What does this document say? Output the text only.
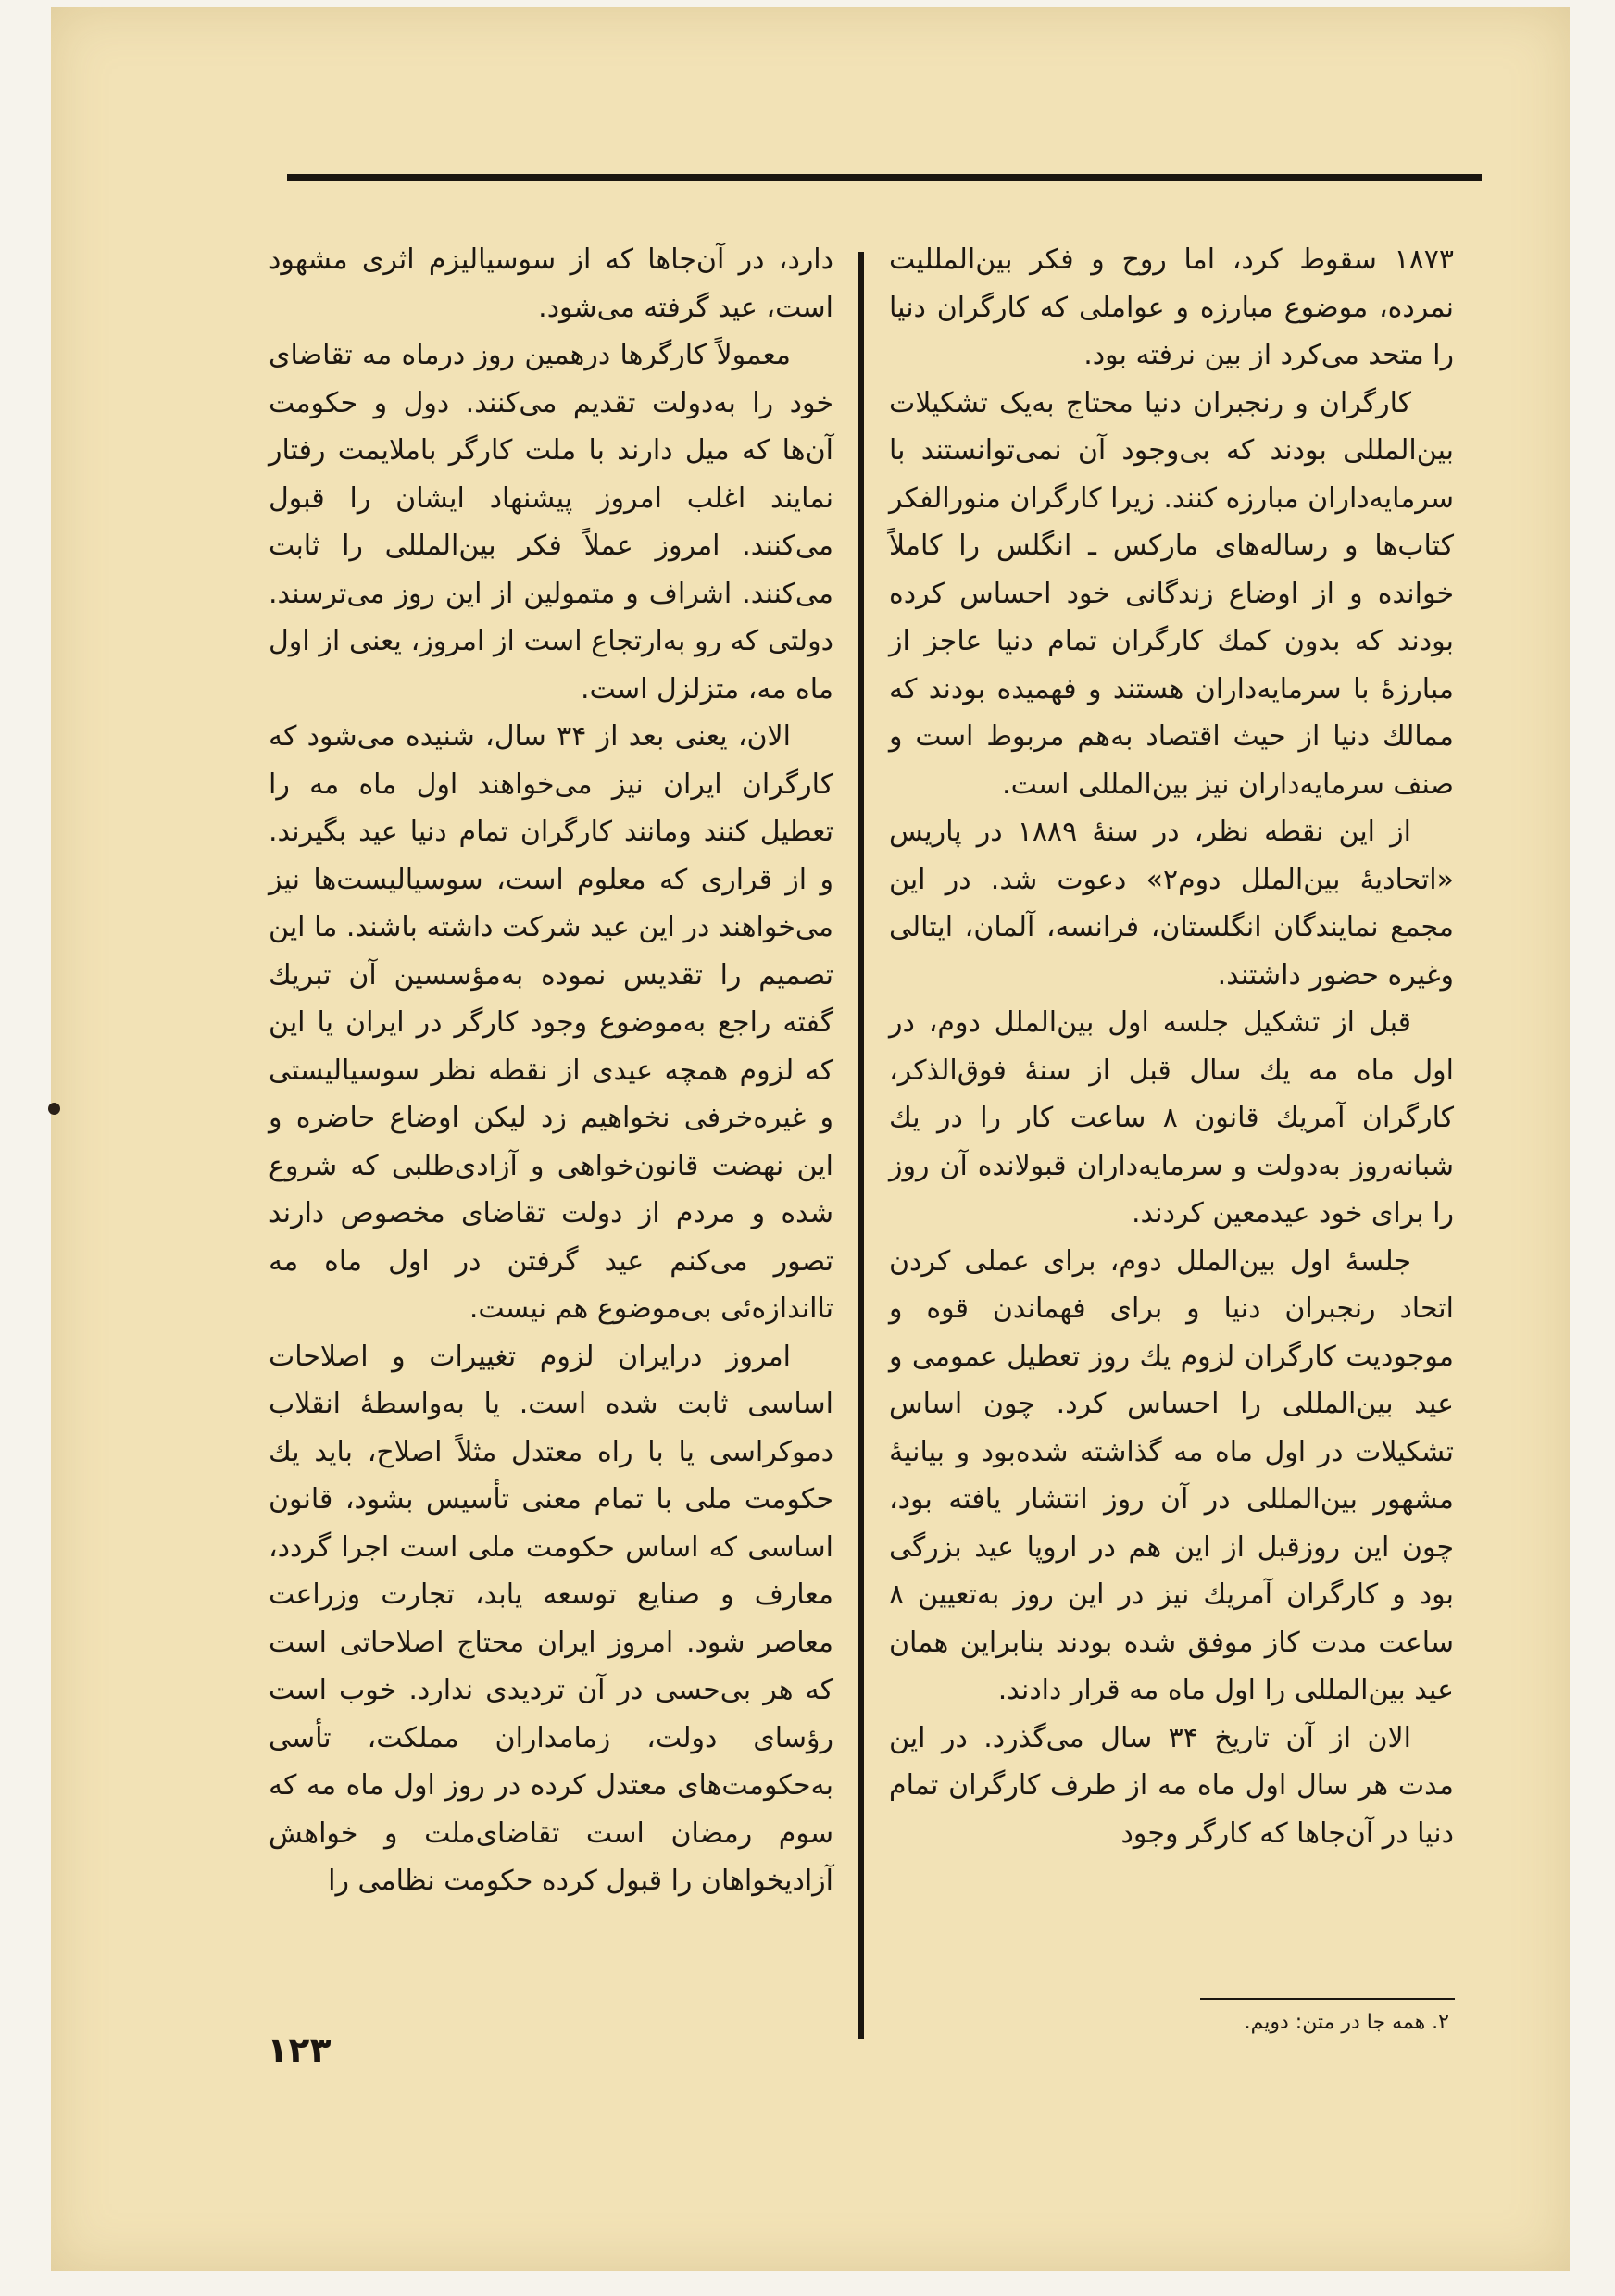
۱۸۷۳ سقوط کرد، اما روح و فکر بین‌المللیت نمرده، موضوع مبارزه و عواملی که کارگران دنیا را متحد می‌کرد از بین نرفته بود.

کارگران و رنجبران دنیا محتاج به‌یک تشکیلات بین‌المللی بودند که بی‌وجود آن نمی‌توانستند با سرمایه‌داران مبارزه کنند. زیرا کارگران منورالفکر کتاب‌ها و رساله‌های مارکس ـ انگلس را کاملاً خوانده و از اوضاع زندگانی خود احساس کرده بودند که بدون کمك کارگران تمام دنیا عاجز از مبارزهٔ با سرمایه‌داران هستند و فهمیده بودند که ممالك دنیا از حیث اقتصاد به‌هم مربوط است و صنف سرمایه‌داران نیز بین‌المللی است.

از این نقطه نظر، در سنهٔ ۱۸۸۹ در پاریس «اتحادیهٔ بین‌الملل دوم۲» دعوت شد. در این مجمع نمایندگان انگلستان، فرانسه، آلمان، ایتالی وغیره حضور داشتند.

قبل از تشکیل جلسه اول بین‌الملل دوم، در اول ماه مه یك سال قبل از سنهٔ فوق‌الذکر، کارگران آمریك قانون ۸ ساعت کار را در یك شبانه‌روز به‌دولت و سرمایه‌داران قبولانده آن روز را برای خود عیدمعین کردند.

جلسهٔ اول بین‌الملل دوم، برای عملی کردن اتحاد رنجبران دنیا و برای فهماندن قوه و موجودیت کارگران لزوم یك روز تعطیل عمومی و عید بین‌المللی را احساس کرد. چون اساس تشکیلات در اول ماه مه گذاشته شده‌بود و بیانیهٔ مشهور بین‌المللی در آن روز انتشار یافته بود، چون این روزقبل از این هم در اروپا عید بزرگی بود و کارگران آمریك نیز در این روز به‌تعیین ۸ ساعت مدت کاز موفق شده بودند بنابراین همان عید بین‌المللی را اول ماه مه قرار دادند.

الان از آن تاریخ ۳۴ سال می‌گذرد. در این مدت هر سال اول ماه مه از طرف کارگران تمام دنیا در آن‌جاها که کارگر وجود

دارد، در آن‌جاها که از سوسیالیزم اثری مشهود است، عید گرفته می‌شود.

معمولاً کارگرها درهمین روز درماه مه تقاضای خود را به‌دولت تقدیم می‌کنند. دول و حکومت آن‌ها که میل دارند با ملت کارگر باملایمت رفتار نمایند اغلب امروز پیشنهاد ایشان را قبول می‌کنند. امروز عملاً فکر بین‌المللی را ثابت می‌کنند. اشراف و متمولین از این روز می‌ترسند. دولتی که رو به‌ارتجاع است از امروز، یعنی از اول ماه مه، متزلزل است.

الان، یعنی بعد از ۳۴ سال، شنیده می‌شود که کارگران ایران نیز می‌خواهند اول ماه مه را تعطیل کنند ومانند کارگران تمام دنیا عید بگیرند. و از قراری که معلوم است، سوسیالیست‌ها نیز می‌خواهند در این عید شرکت داشته باشند. ما این تصمیم را تقدیس نموده به‌مؤسسین آن تبریك گفته راجع به‌موضوع وجود کارگر در ایران یا این که لزوم همچه عیدی از نقطه نظر سوسیالیستی و غیره‌خرفی نخواهیم زد لیکن اوضاع حاضره و این نهضت قانون‌خواهی و آزادی‌طلبی که شروع شده و مردم از دولت تقاضای مخصوص دارند تصور می‌کنم عید گرفتن در اول ماه مه تااندازه‌ئی بی‌موضوع هم نیست.

امروز درایران لزوم تغییرات و اصلاحات اساسی ثابت شده است. یا به‌واسطهٔ انقلاب دموکراسی یا با راه معتدل مثلاً اصلاح، باید یك حکومت ملی با تمام معنی تأسیس بشود، قانون اساسی که اساس حکومت ملی است اجرا گردد، معارف و صنایع توسعه یابد، تجارت وزراعت معاصر شود. امروز ایران محتاج اصلاحاتی است که هر بی‌حسی در آن تردیدی ندارد. خوب است رؤسای دولت، زمامداران مملکت، تأسی به‌حکومت‌های معتدل کرده در روز اول ماه مه که سوم رمضان است تقاضای‌ملت و خواهش آزادیخواهان را قبول کرده حکومت نظامی را

۲. همه جا در متن: دویم.
۱۲۳
